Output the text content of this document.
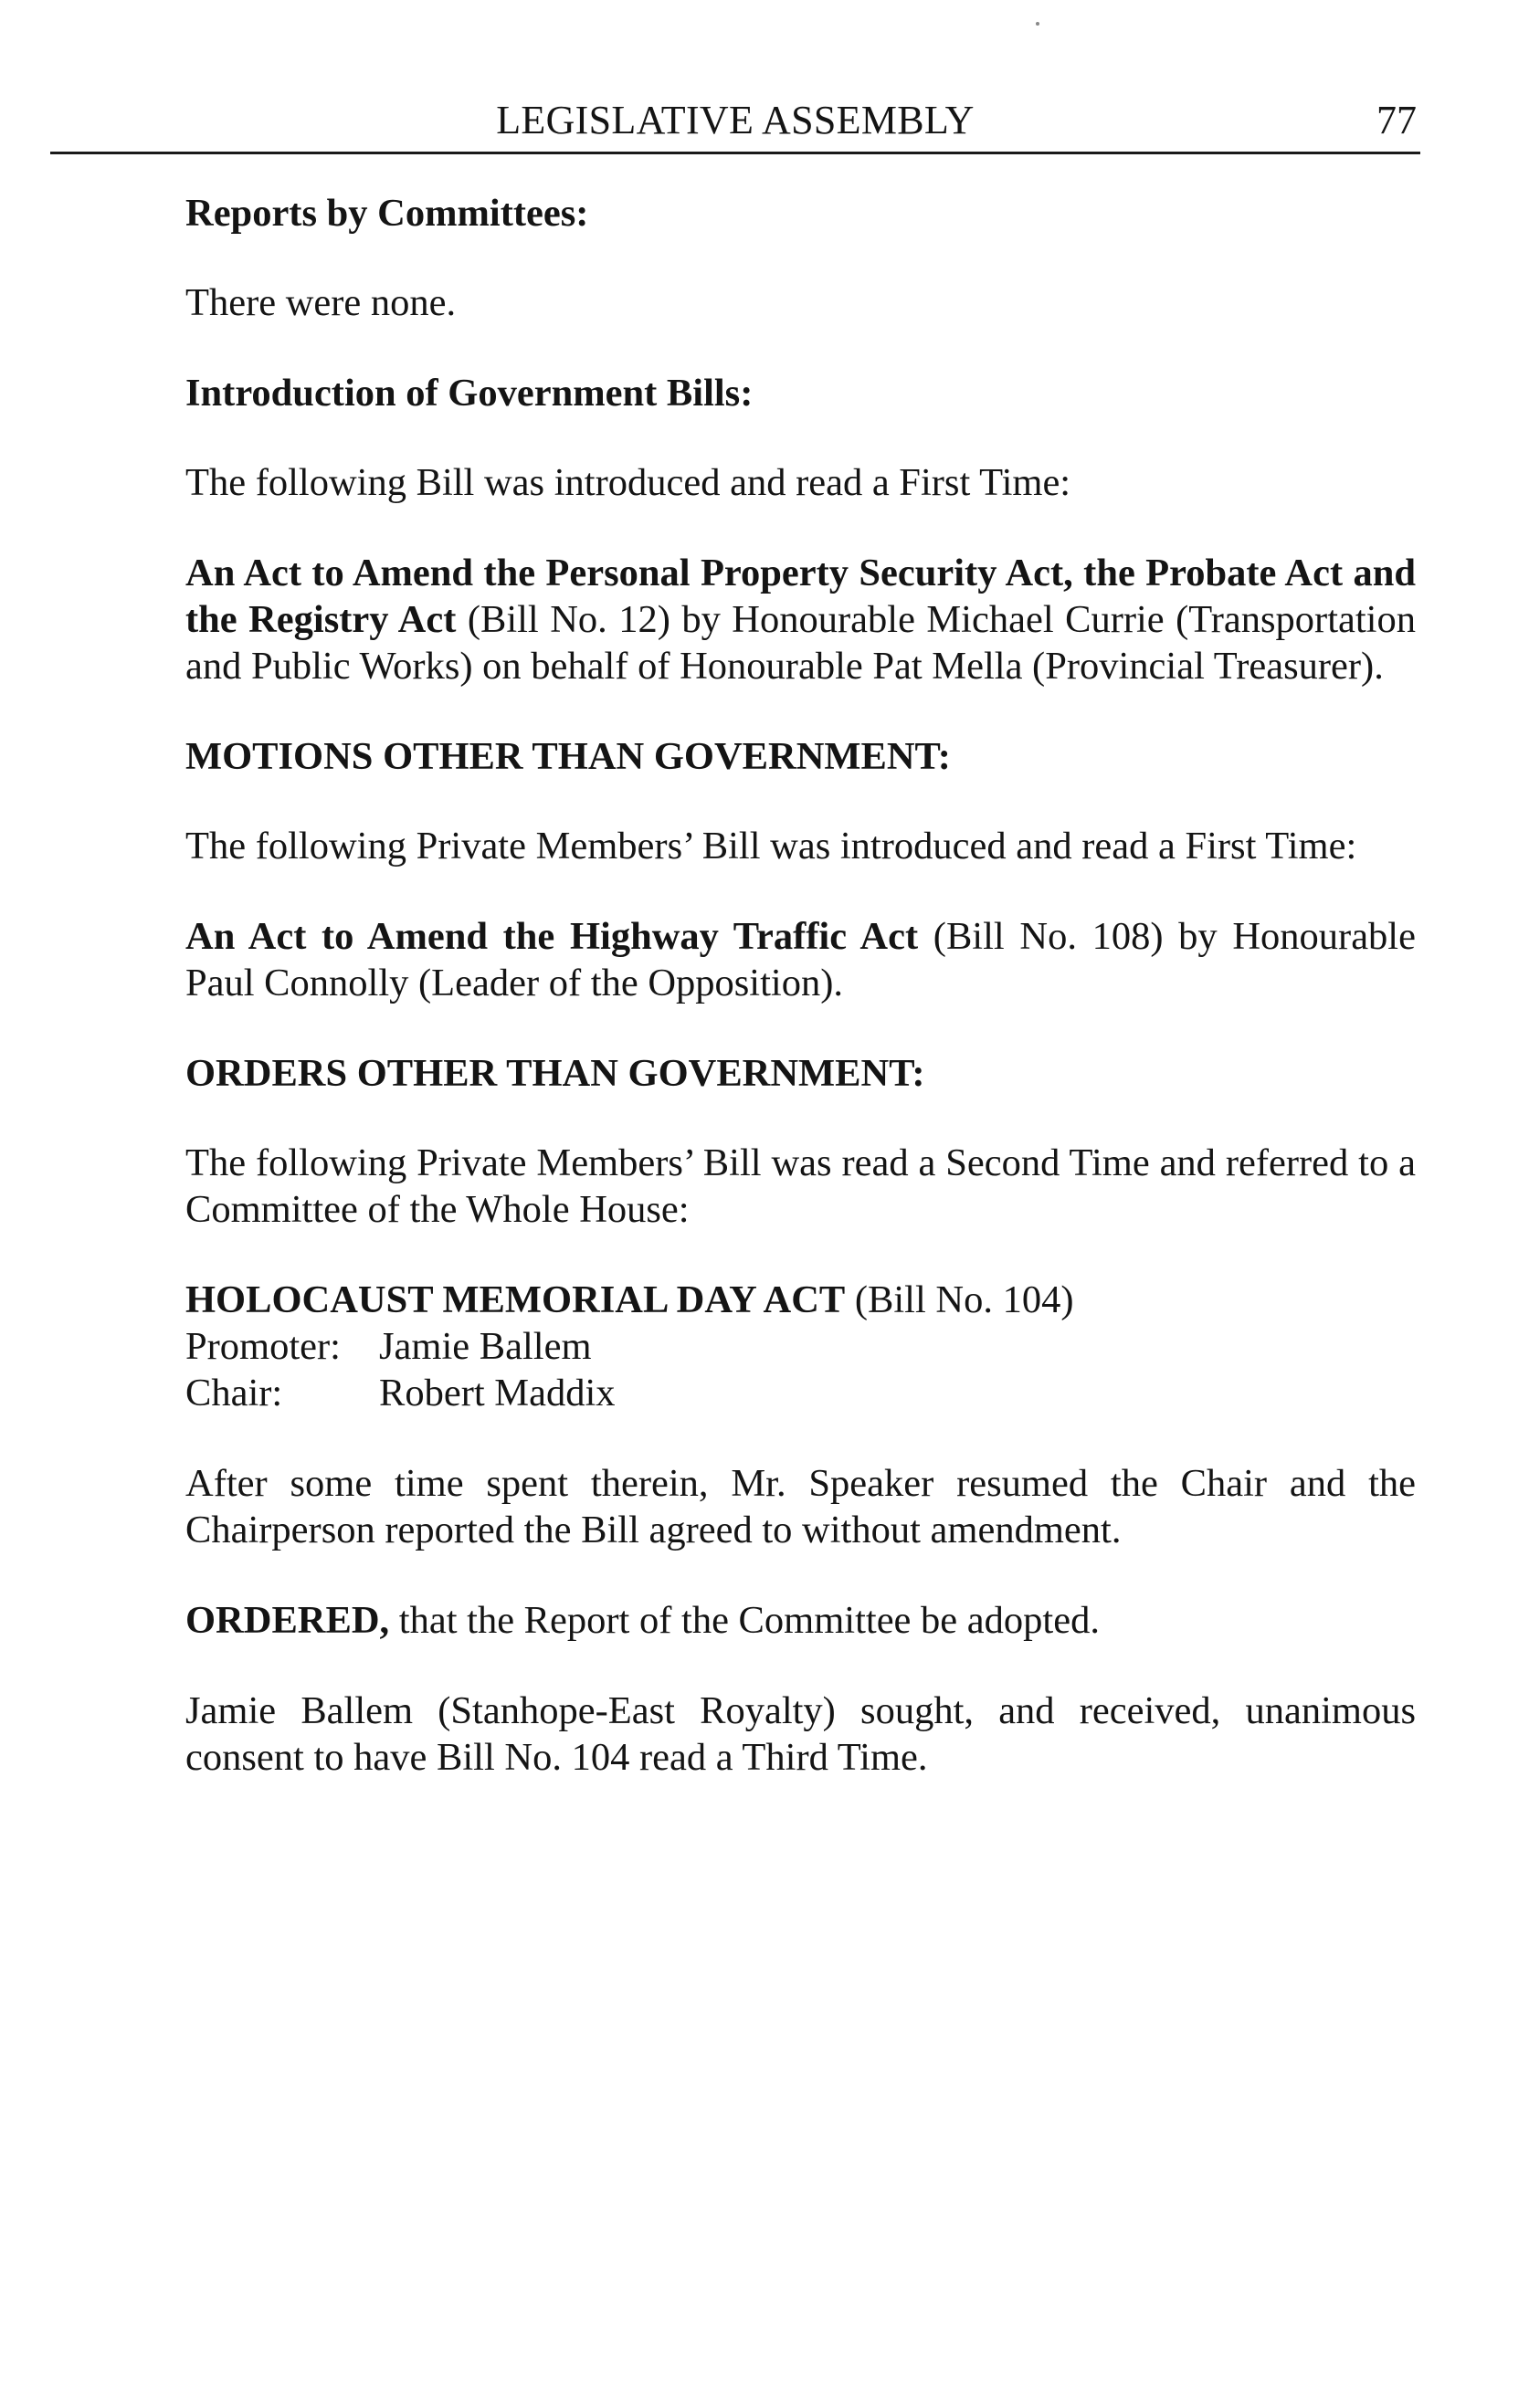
LEGISLATIVE ASSEMBLY	77
Reports by Committees:
There were none.
Introduction of Government Bills:
The following Bill was introduced and read a First Time:
An Act to Amend the Personal Property Security Act, the Probate Act and the Registry Act (Bill No. 12) by Honourable Michael Currie (Transportation and Public Works) on behalf of Honourable Pat Mella (Provincial Treasurer).
MOTIONS OTHER THAN GOVERNMENT:
The following Private Members’ Bill was introduced and read a First Time:
An Act to Amend the Highway Traffic Act (Bill No. 108) by Honourable Paul Connolly (Leader of the Opposition).
ORDERS OTHER THAN GOVERNMENT:
The following Private Members’ Bill was read a Second Time and referred to a Committee of the Whole House:
HOLOCAUST MEMORIAL DAY ACT (Bill No. 104)
Promoter: Jamie Ballem
Chair:	Robert Maddix
After some time spent therein, Mr. Speaker resumed the Chair and the Chairperson reported the Bill agreed to without amendment.
ORDERED, that the Report of the Committee be adopted.
Jamie Ballem (Stanhope-East Royalty) sought, and received, unanimous consent to have Bill No. 104 read a Third Time.
